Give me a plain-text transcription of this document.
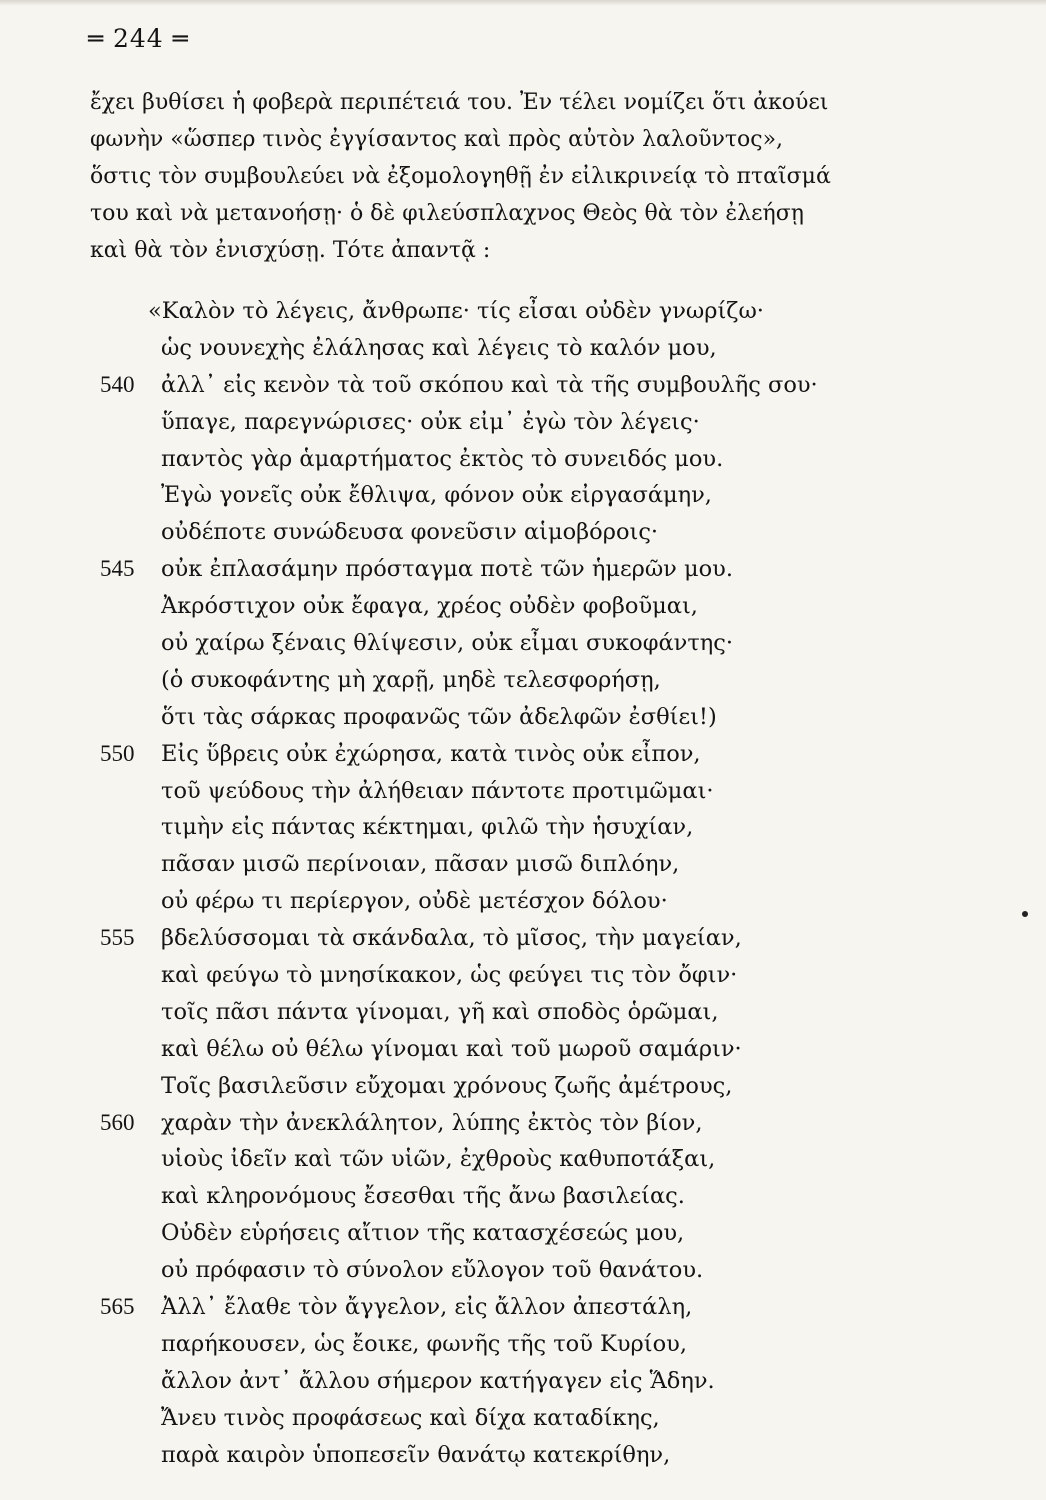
═ 244 ═
ἔχει βυθίσει ἡ φοβερὰ περιπέτειά του. Ἐν τέλει νομίζει ὅτι ἀκούει
φωνὴν «ὥσπερ τινὸς ἐγγίσαντος καὶ πρὸς αὐτὸν λαλοῦντος»,
ὅστις τὸν συμβουλεύει νὰ ἐξομολογηθῇ ἐν εἰλικρινείᾳ τὸ πταῖσμά
του καὶ νὰ μετανοήσῃ· ὁ δὲ φιλεύσπλαχνος Θεὸς θὰ τὸν ἐλεήσῃ
καὶ θὰ τὸν ἐνισχύσῃ. Τότε ἀπαντᾷ :
«Καλὸν τὸ λέγεις, ἄνθρωπε· τίς εἶσαι οὐδὲν γνωρίζω·
ὡς νουνεχὴς ἐλάλησας καὶ λέγεις τὸ καλόν μου,
540	ἀλλ᾽ εἰς κενὸν τὰ τοῦ σκόπου καὶ τὰ τῆς συμβουλῆς σου·
ὕπαγε, παρεγνώρισες· οὐκ εἰμ᾽ ἐγὼ τὸν λέγεις·
παντὸς γὰρ ἁμαρτήματος ἐκτὸς τὸ συνειδός μου.
Ἐγὼ γονεῖς οὐκ ἔθλιψα, φόνον οὐκ εἰργασάμην,
οὐδέποτε συνώδευσα φονεῦσιν αἱμοβόροις·
545	οὐκ ἐπλασάμην πρόσταγμα ποτὲ τῶν ἡμερῶν μου.
Ἀκρόστιχον οὐκ ἔφαγα, χρέος οὐδὲν φοβοῦμαι,
οὐ χαίρω ξέναις θλίψεσιν, οὐκ εἶμαι συκοφάντης·
(ὁ συκοφάντης μὴ χαρῇ, μηδὲ τελεσφορήσῃ,
ὅτι τὰς σάρκας προφανῶς τῶν ἀδελφῶν ἐσθίει!)
550	Εἰς ὕβρεις οὐκ ἐχώρησα, κατὰ τινὸς οὐκ εἶπον,
τοῦ ψεύδους τὴν ἀλήθειαν πάντοτε προτιμῶμαι·
τιμὴν εἰς πάντας κέκτημαι, φιλῶ τὴν ἡσυχίαν,
πᾶσαν μισῶ περίνοιαν, πᾶσαν μισῶ διπλόην,
οὐ φέρω τι περίεργον, οὐδὲ μετέσχον δόλου·
555	βδελύσσομαι τὰ σκάνδαλα, τὸ μῖσος, τὴν μαγείαν,
καὶ φεύγω τὸ μνησίκακον, ὡς φεύγει τις τὸν ὄφιν·
τοῖς πᾶσι πάντα γίνομαι, γῆ καὶ σποδὸς ὁρῶμαι,
καὶ θέλω οὐ θέλω γίνομαι καὶ τοῦ μωροῦ σαμάριν·
Τοῖς βασιλεῦσιν εὔχομαι χρόνους ζωῆς ἀμέτρους,
560	χαρὰν τὴν ἀνεκλάλητον, λύπης ἐκτὸς τὸν βίον,
υἱοὺς ἰδεῖν καὶ τῶν υἱῶν, ἐχθροὺς καθυποτάξαι,
καὶ κληρονόμους ἔσεσθαι τῆς ἄνω βασιλείας.
Οὐδὲν εὑρήσεις αἴτιον τῆς κατασχέσεώς μου,
οὐ πρόφασιν τὸ σύνολον εὔλογον τοῦ θανάτου.
565	Ἀλλ᾽ ἔλαθε τὸν ἄγγελον, εἰς ἄλλον ἀπεστάλη,
παρήκουσεν, ὡς ἔοικε, φωνῆς τῆς τοῦ Κυρίου,
ἄλλον ἀντ᾽ ἄλλου σήμερον κατήγαγεν εἰς Ἅδην.
Ἄνευ τινὸς προφάσεως καὶ δίχα καταδίκης,
παρὰ καιρὸν ὑποπεσεῖν θανάτῳ κατεκρίθην,
